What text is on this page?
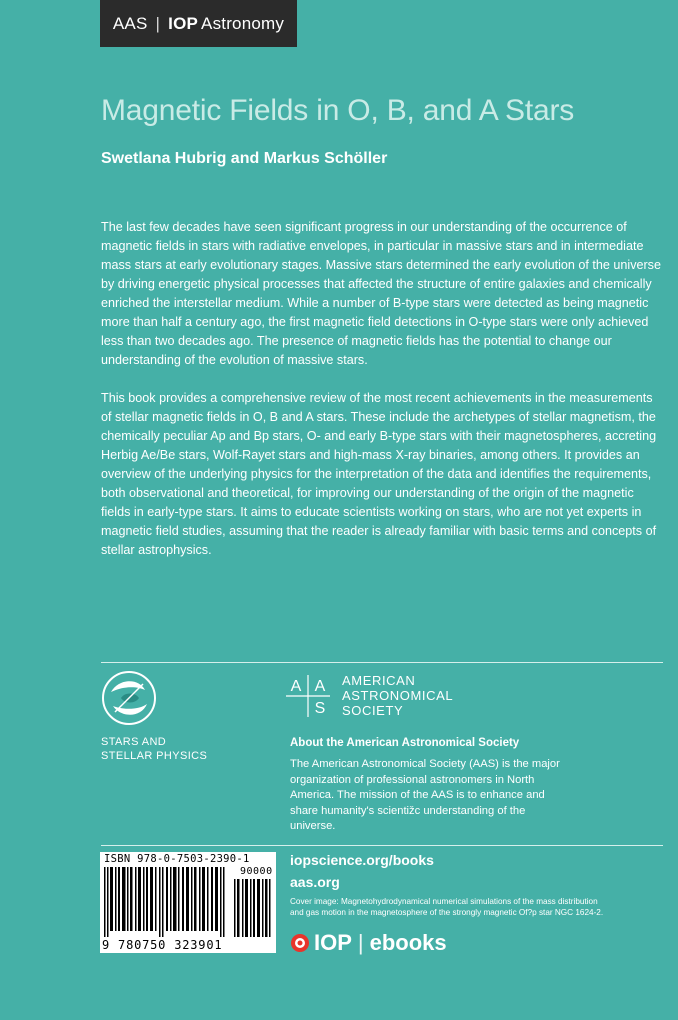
AAS | IOP Astronomy
Magnetic Fields in O, B, and A Stars
Swetlana Hubrig and Markus Schöller

The last few decades have seen significant progress in our understanding of the occurrence of magnetic fields in stars with radiative envelopes, in particular in massive stars and in intermediate mass stars at early evolutionary stages. Massive stars determined the early evolution of the universe by driving energetic physical processes that affected the structure of entire galaxies and chemically enriched the interstellar medium. While a number of B-type stars were detected as being magnetic more than half a century ago, the first magnetic field detections in O-type stars were only achieved less than two decades ago. The presence of magnetic fields has the potential to change our understanding of the evolution of massive stars.

This book provides a comprehensive review of the most recent achievements in the measurements of stellar magnetic fields in O, B and A stars. These include the archetypes of stellar magnetism, the chemically peculiar Ap and Bp stars, O- and early B-type stars with their magnetospheres, accreting Herbig Ae/Be stars, Wolf-Rayet stars and high-mass X-ray binaries, among others. It provides an overview of the underlying physics for the interpretation of the data and identifies the requirements, both observational and theoretical, for improving our understanding of the origin of the magnetic fields in early-type stars. It aims to educate scientists working on stars, who are not yet experts in magnetic field studies, assuming that the reader is already familiar with basic terms and concepts of stellar astrophysics.

STARS AND
STELLAR PHYSICS
A A
S
AMERICAN
ASTRONOMICAL
SOCIETY
About the American Astronomical Society

The American Astronomical Society (AAS) is the major organization of professional astronomers in North America. The mission of the AAS is to enhance and share humanity's scientižc understanding of the universe.

ISBN 978-0-7503-2390-1
90000
9 780750 323901
iopscience.org/books
aas.org

Cover image: Magnetohydrodynamical numerical simulations of the mass distribution and gas motion in the magnetosphere of the strongly magnetic Of?p star NGC 1624-2.

IOP | ebooks
